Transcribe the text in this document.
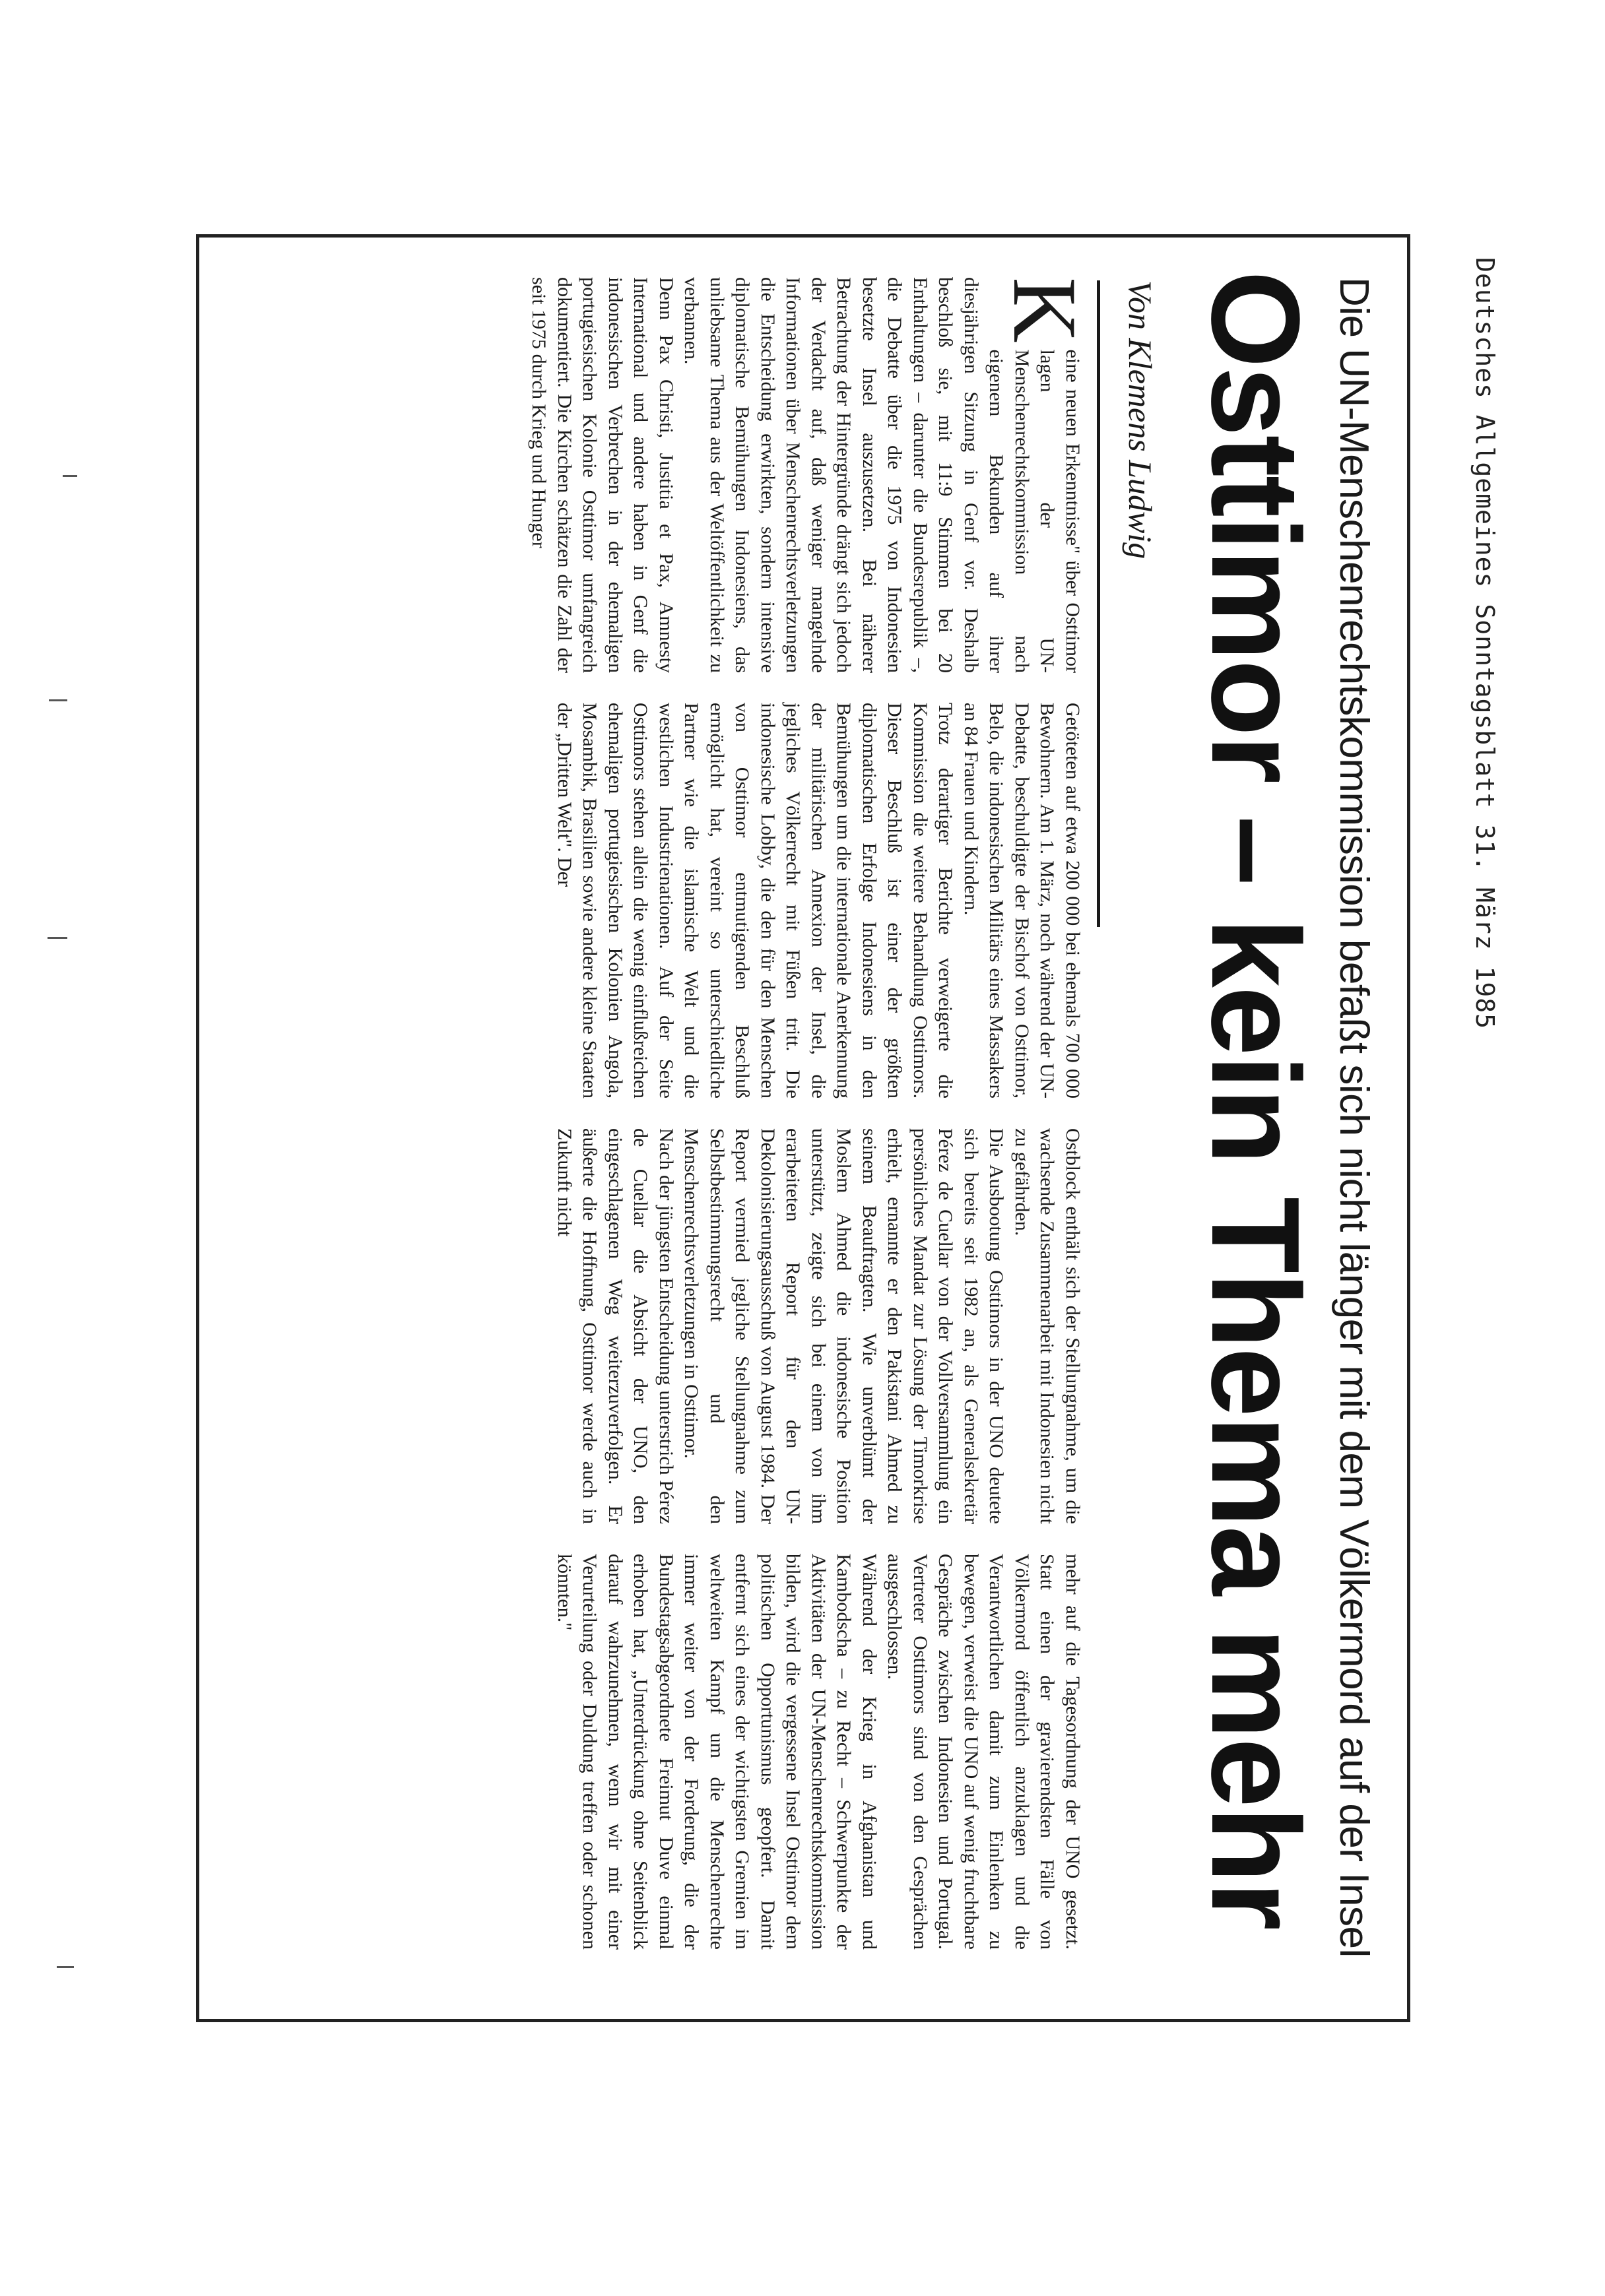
Deutsches Allgemeines Sonntagsblatt 31. März 1985
Die UN-Menschenrechtskommission befaßt sich nicht länger mit dem Völkermord auf der Insel
Osttimor – kein Thema mehr
Von Klemens Ludwig

K
eine neuen Erkenntnisse" über Osttimor lagen der UN-Menschenrechtskommission nach eigenem Bekunden auf ihrer diesjährigen Sitzung in Genf vor. Deshalb beschloß sie, mit 11:9 Stimmen bei 20 Enthaltungen – darunter die Bundesrepublik –, die Debatte über die 1975 von Indonesien besetzte Insel auszusetzen. Bei näherer Betrachtung der Hintergründe drängt sich jedoch der Verdacht auf, daß weniger mangelnde Informationen über Menschenrechtsverletzungen die Entscheidung erwirkten, sondern intensive diplomatische Bemühungen Indonesiens, das unliebsame Thema aus der Weltöffentlichkeit zu verbannen.

Denn Pax Christi, Justitia et Pax, Amnesty International und andere haben in Genf die indonesischen Verbrechen in der ehemaligen portugiesischen Kolonie Osttimor umfangreich dokumentiert. Die Kirchen schätzen die Zahl der seit 1975 durch Krieg und Hunger

Getöteten auf etwa 200 000 bei ehemals 700 000 Bewohnern. Am 1. März, noch während der UN-Debatte, beschuldigte der Bischof von Osttimor, Belo, die indonesischen Militärs eines Massakers an 84 Frauen und Kindern.

Trotz derartiger Berichte verweigerte die Kommission die weitere Behandlung Osttimors. Dieser Beschluß ist einer der größten diplomatischen Erfolge Indonesiens in den Bemühungen um die internationale Anerkennung der militärischen Annexion der Insel, die jegliches Völkerrecht mit Füßen tritt. Die indonesische Lobby, die den für den Menschen von Osttimor entmutigenden Beschluß ermöglicht hat, vereint so unterschiedliche Partner wie die islamische Welt und die westlichen Industrienationen. Auf der Seite Osttimors stehen allein die wenig einflußreichen ehemaligen portugiesischen Kolonien Angola, Mosambik, Brasilien sowie andere kleine Staaten der „Dritten Welt". Der

Ostblock enthält sich der Stellungnahme, um die wachsende Zusammenarbeit mit Indonesien nicht zu gefährden.

Die Ausbootung Osttimors in der UNO deutete sich bereits seit 1982 an, als Generalsekretär Pérez de Cuellar von der Vollversammlung ein persönliches Mandat zur Lösung der Timorkrise erhielt, ernannte er den Pakistani Ahmed zu seinem Beauftragten. Wie unverblümt der Moslem Ahmed die indonesische Position unterstützt, zeigte sich bei einem von ihm erarbeiteten Report für den UN-Dekolonisierungsausschuß von August 1984. Der Report vermied jegliche Stellungnahme zum Selbstbestimmungsrecht und den Menschenrechtsverletzungen in Osttimor.

Nach der jüngsten Entscheidung unterstrich Pérez de Cuellar die Absicht der UNO, den eingeschlagenen Weg weiterzuverfolgen. Er äußerte die Hoffnung, Osttimor werde auch in Zukunft nicht

mehr auf die Tagesordnung der UNO gesetzt. Statt einen der gravierendsten Fälle von Völkermord öffentlich anzuklagen und die Verantwortlichen damit zum Einlenken zu bewegen, verweist die UNO auf wenig fruchtbare Gespräche zwischen Indonesien und Portugal. Vertreter Osttimors sind von den Gesprächen ausgeschlossen.

Während der Krieg in Afghanistan und Kambodscha – zu Recht – Schwerpunkte der Aktivitäten der UN-Menschenrechtskommission bilden, wird die vergessene Insel Osttimor dem politischen Opportunismus geopfert. Damit entfernt sich eines der wichtigsten Gremien im weltweiten Kampf um die Menschenrechte immer weiter von der Forderung, die der Bundestagsabgeordnete Freimut Duve einmal erhoben hat, „Unterdrückung ohne Seitenblick darauf wahrzunehmen, wenn wir mit einer Verurteilung oder Duldung treffen oder schonen könnten."
